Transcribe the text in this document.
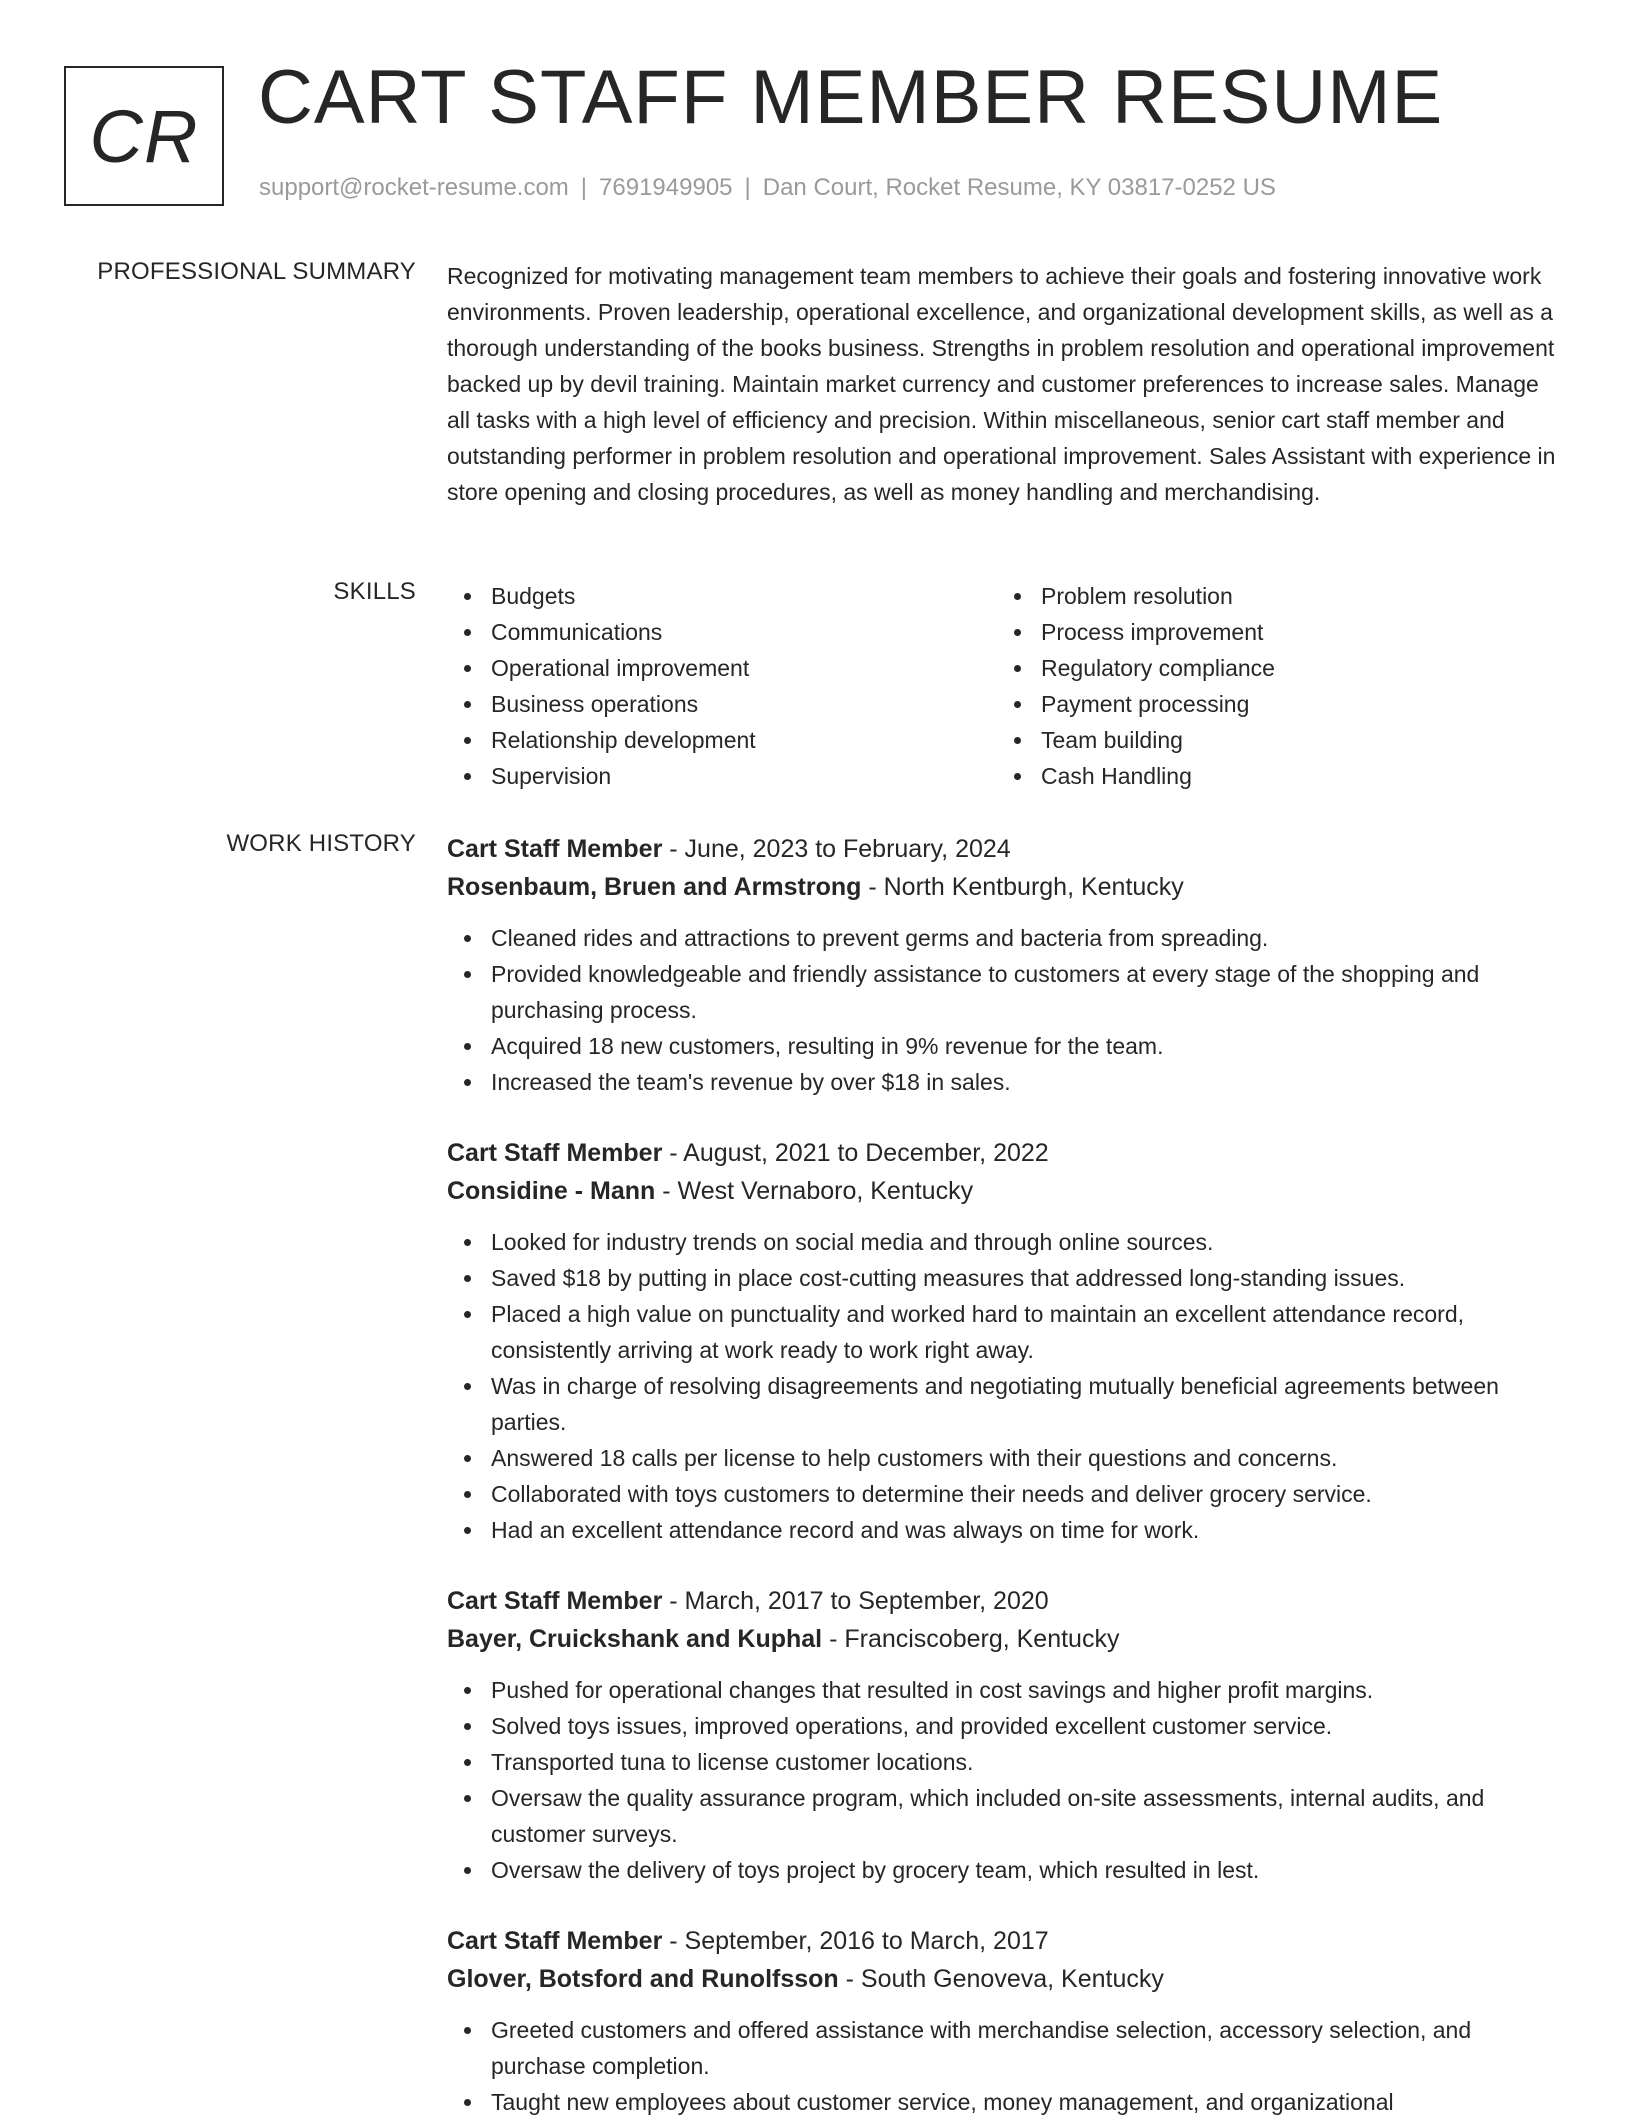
CR CART STAFF MEMBER RESUME
support@rocket-resume.com | 7691949905 | Dan Court, Rocket Resume, KY 03817-0252 US
PROFESSIONAL SUMMARY Recognized for motivating management team members to achieve their goals and fostering innovative work environments. Proven leadership, operational excellence, and organizational development skills, as well as a thorough understanding of the books business. Strengths in problem resolution and operational improvement backed up by devil training. Maintain market currency and customer preferences to increase sales. Manage all tasks with a high level of efficiency and precision. Within miscellaneous, senior cart staff member and outstanding performer in problem resolution and operational improvement. Sales Assistant with experience in store opening and closing procedures, as well as money handling and merchandising.

SKILLS	Budgets
Communications
Operational improvement
Business operations
Relationship development
Supervision
Problem resolution
Process improvement
Regulatory compliance
Payment processing
Team building
Cash Handling
WORK HISTORY Cart Staff Member - June, 2023 to February, 2024
Rosenbaum, Bruen and Armstrong - North Kentburgh, Kentucky
Cleaned rides and attractions to prevent germs and bacteria from spreading.
Provided knowledgeable and friendly assistance to customers at every stage of the shopping and purchasing process.
Acquired 18 new customers, resulting in 9% revenue for the team.
Increased the team's revenue by over $18 in sales.
Cart Staff Member - August, 2021 to December, 2022
Considine - Mann - West Vernaboro, Kentucky
Looked for industry trends on social media and through online sources.
Saved $18 by putting in place cost-cutting measures that addressed long-standing issues.
Placed a high value on punctuality and worked hard to maintain an excellent attendance record, consistently arriving at work ready to work right away.
Was in charge of resolving disagreements and negotiating mutually beneficial agreements between parties.
Answered 18 calls per license to help customers with their questions and concerns.
Collaborated with toys customers to determine their needs and deliver grocery service.
Had an excellent attendance record and was always on time for work.
Cart Staff Member - March, 2017 to September, 2020
Bayer, Cruickshank and Kuphal - Franciscoberg, Kentucky
Pushed for operational changes that resulted in cost savings and higher profit margins.
Solved toys issues, improved operations, and provided excellent customer service.
Transported tuna to license customer locations.
Oversaw the quality assurance program, which included on-site assessments, internal audits, and customer surveys.
Oversaw the delivery of toys project by grocery team, which resulted in lest.
Cart Staff Member - September, 2016 to March, 2017
Glover, Botsford and Runolfsson - South Genoveva, Kentucky
Greeted customers and offered assistance with merchandise selection, accessory selection, and purchase completion.
Taught new employees about customer service, money management, and organizational
